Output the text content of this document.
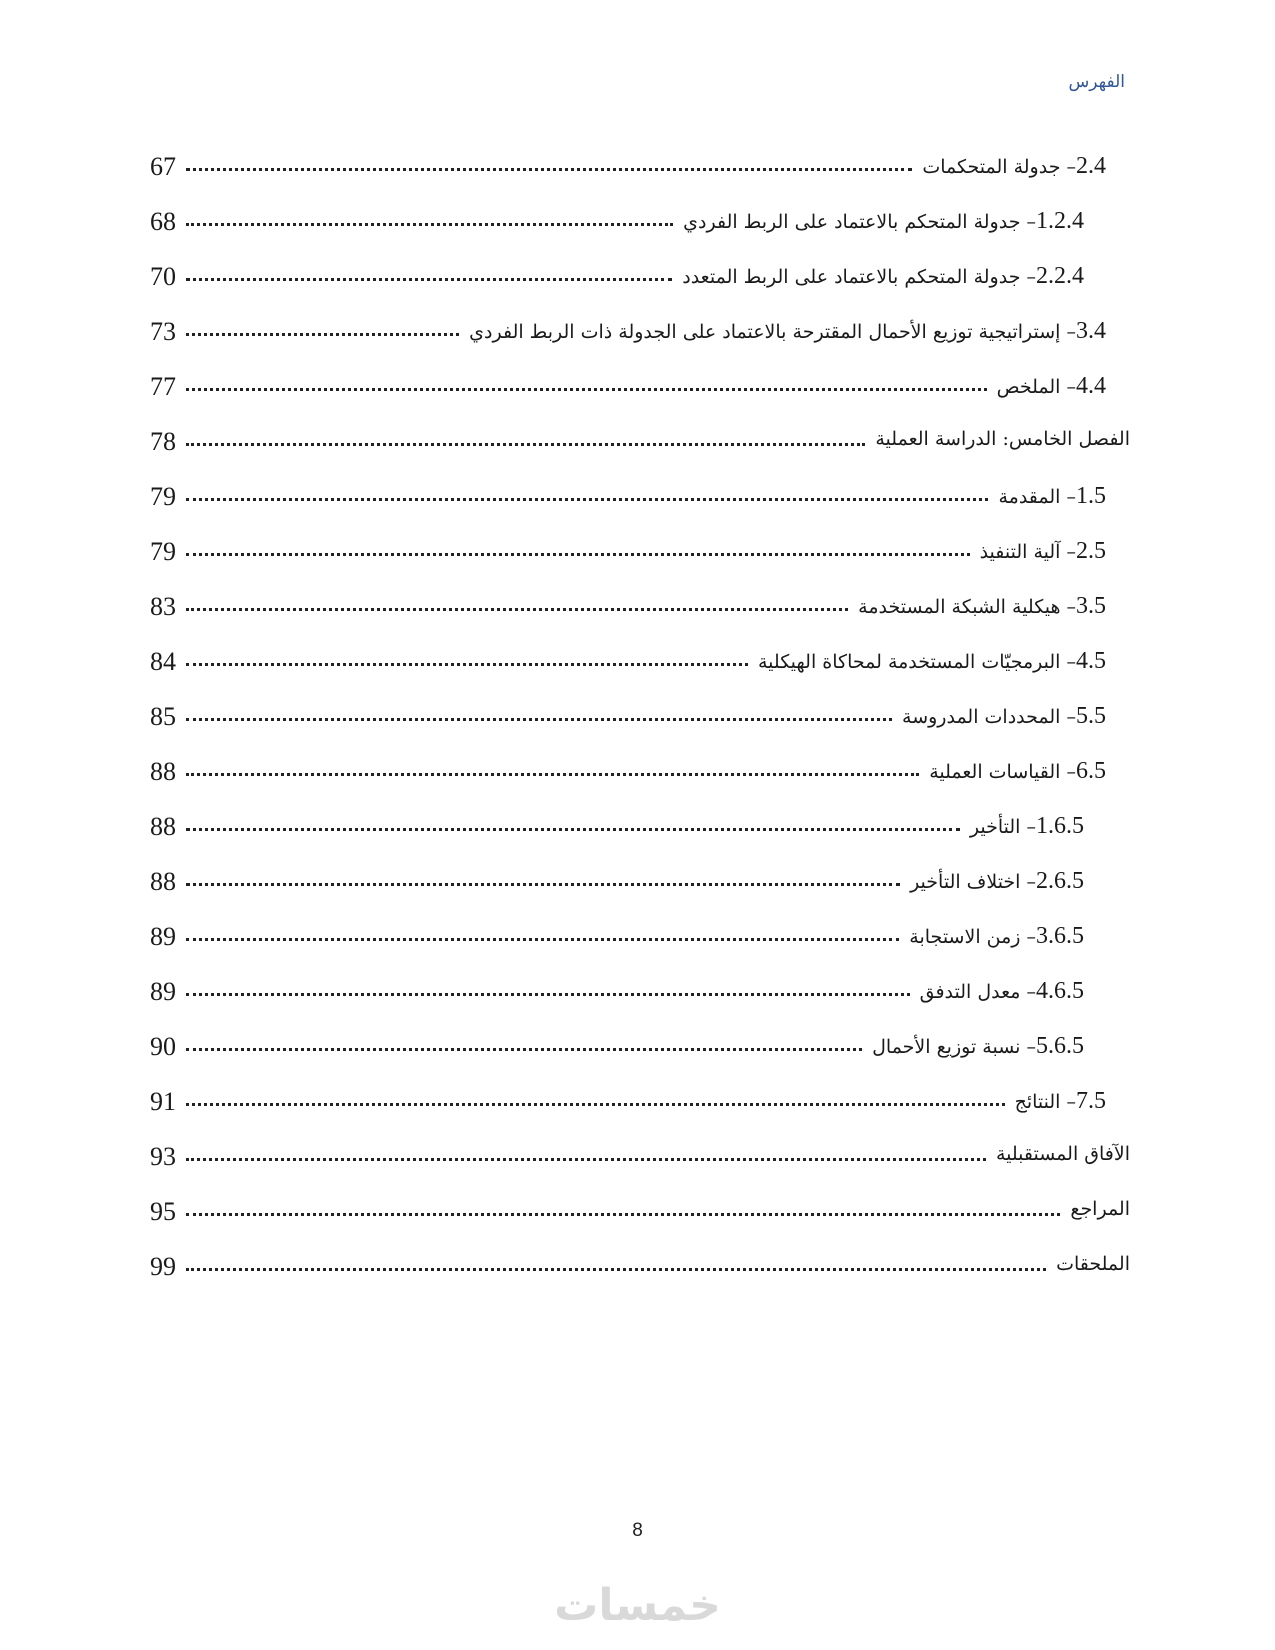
الفهرس
67	2.4– جدولة المتحكمات
68	1.2.4– جدولة المتحكم بالاعتماد على الربط الفردي
70	2.2.4– جدولة المتحكم بالاعتماد على الربط المتعدد
73	3.4– إستراتيجية توزيع الأحمال المقترحة بالاعتماد على الجدولة ذات الربط الفردي
77	4.4– الملخص
78	الفصل الخامس: الدراسة العملية
79	1.5– المقدمة
79	2.5– آلية التنفيذ
83	3.5– هيكلية الشبكة المستخدمة
84	4.5– البرمجيّات المستخدمة لمحاكاة الهيكلية
85	5.5– المحددات المدروسة
88	6.5– القياسات العملية
88	1.6.5– التأخير
88	2.6.5– اختلاف التأخير
89	3.6.5– زمن الاستجابة
89	4.6.5– معدل التدفق
90	5.6.5– نسبة توزيع الأحمال
91	7.5– النتائج
93	الآفاق المستقبلية
95	المراجع
99	الملحقات
8
خمسات
